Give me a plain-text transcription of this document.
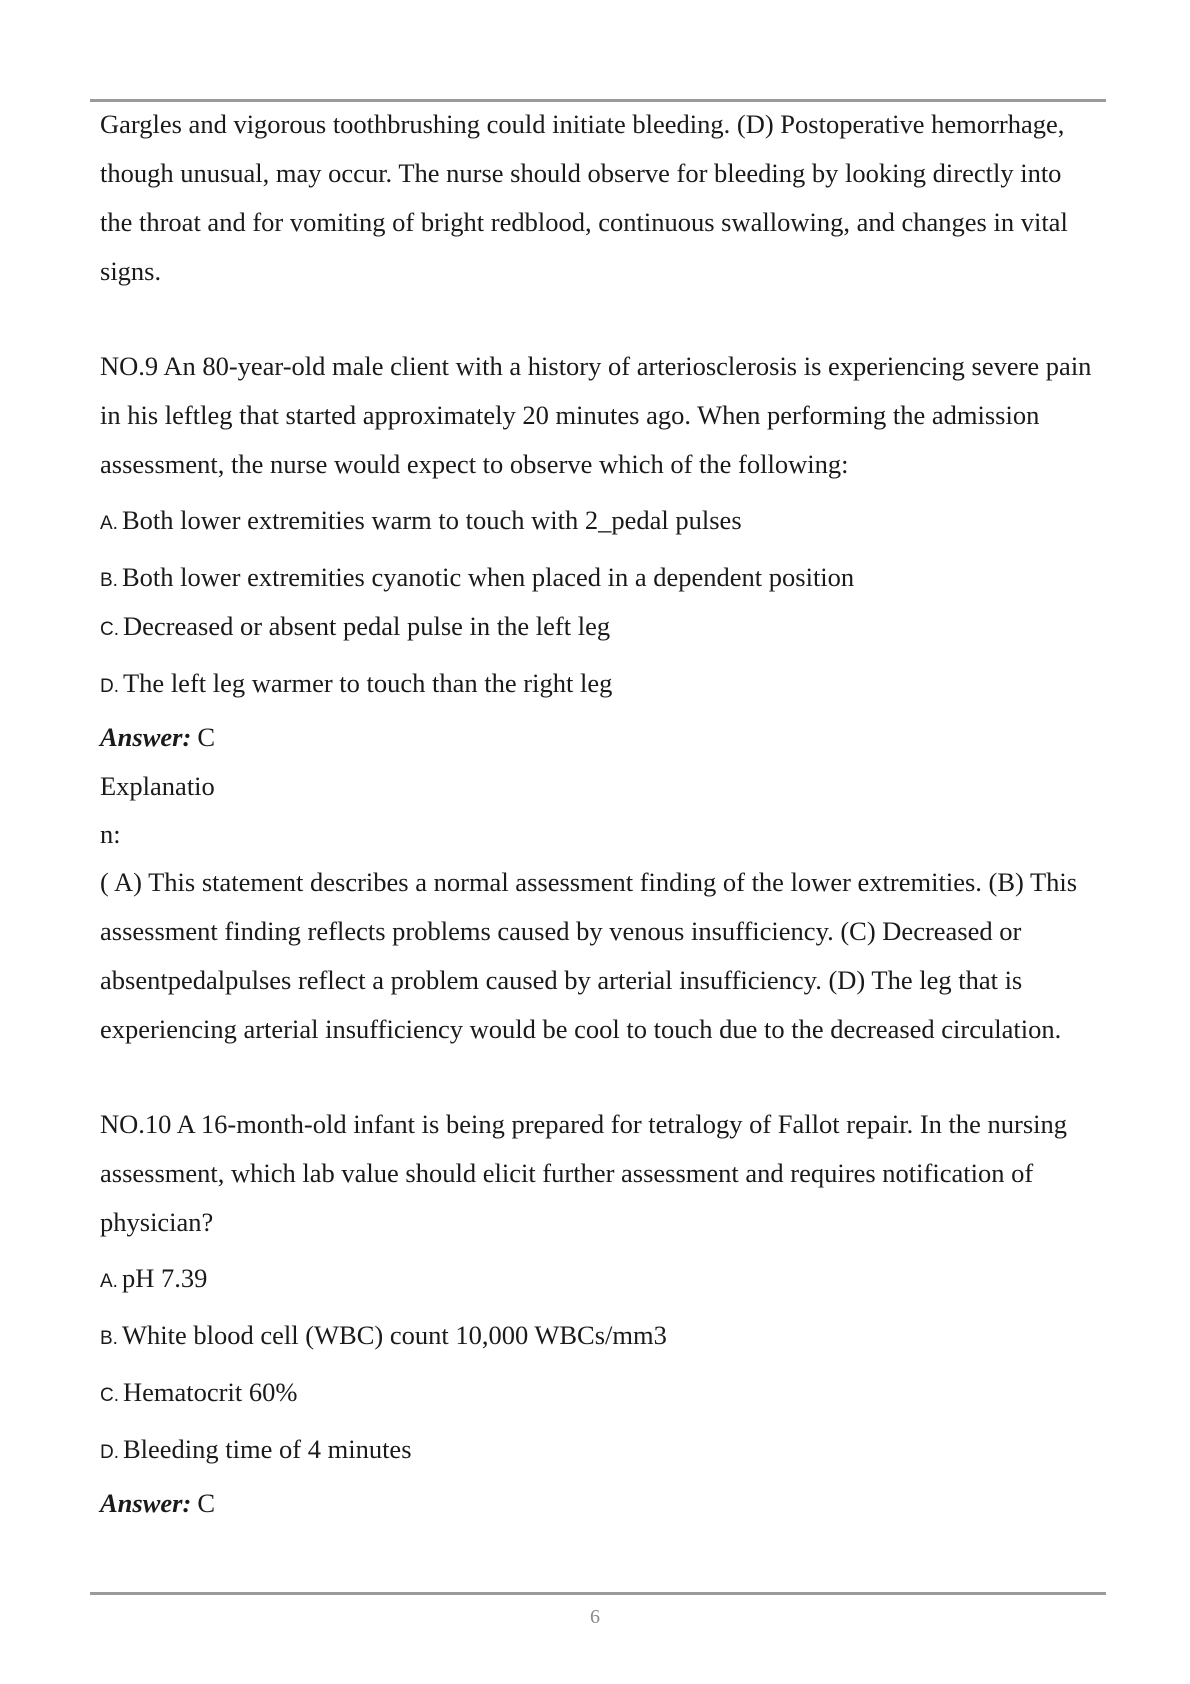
Gargles and vigorous toothbrushing could initiate bleeding. (D) Postoperative hemorrhage, though unusual, may occur. The nurse should observe for bleeding by looking directly into the throat and for vomiting of bright redblood, continuous swallowing, and changes in vital signs.

NO.9 An 80-year-old male client with a history of arteriosclerosis is experiencing severe pain in his leftleg that started approximately 20 minutes ago. When performing the admission assessment, the nurse would expect to observe which of the following:

A. Both lower extremities warm to touch with 2_pedal pulses

B. Both lower extremities cyanotic when placed in a dependent position

C. Decreased or absent pedal pulse in the left leg

D. The left leg warmer to touch than the right leg

Answer: C

Explanatio

n:

( A) This statement describes a normal assessment finding of the lower extremities. (B) This assessment finding reflects problems caused by venous insufficiency. (C) Decreased or absentpedalpulses reflect a problem caused by arterial insufficiency. (D) The leg that is experiencing arterial insufficiency would be cool to touch due to the decreased circulation.

NO.10 A 16-month-old infant is being prepared for tetralogy of Fallot repair. In the nursing assessment, which lab value should elicit further assessment and requires notification of physician?

A. pH 7.39

B. White blood cell (WBC) count 10,000 WBCs/mm3

C. Hematocrit 60%

D. Bleeding time of 4 minutes

Answer: C

6
